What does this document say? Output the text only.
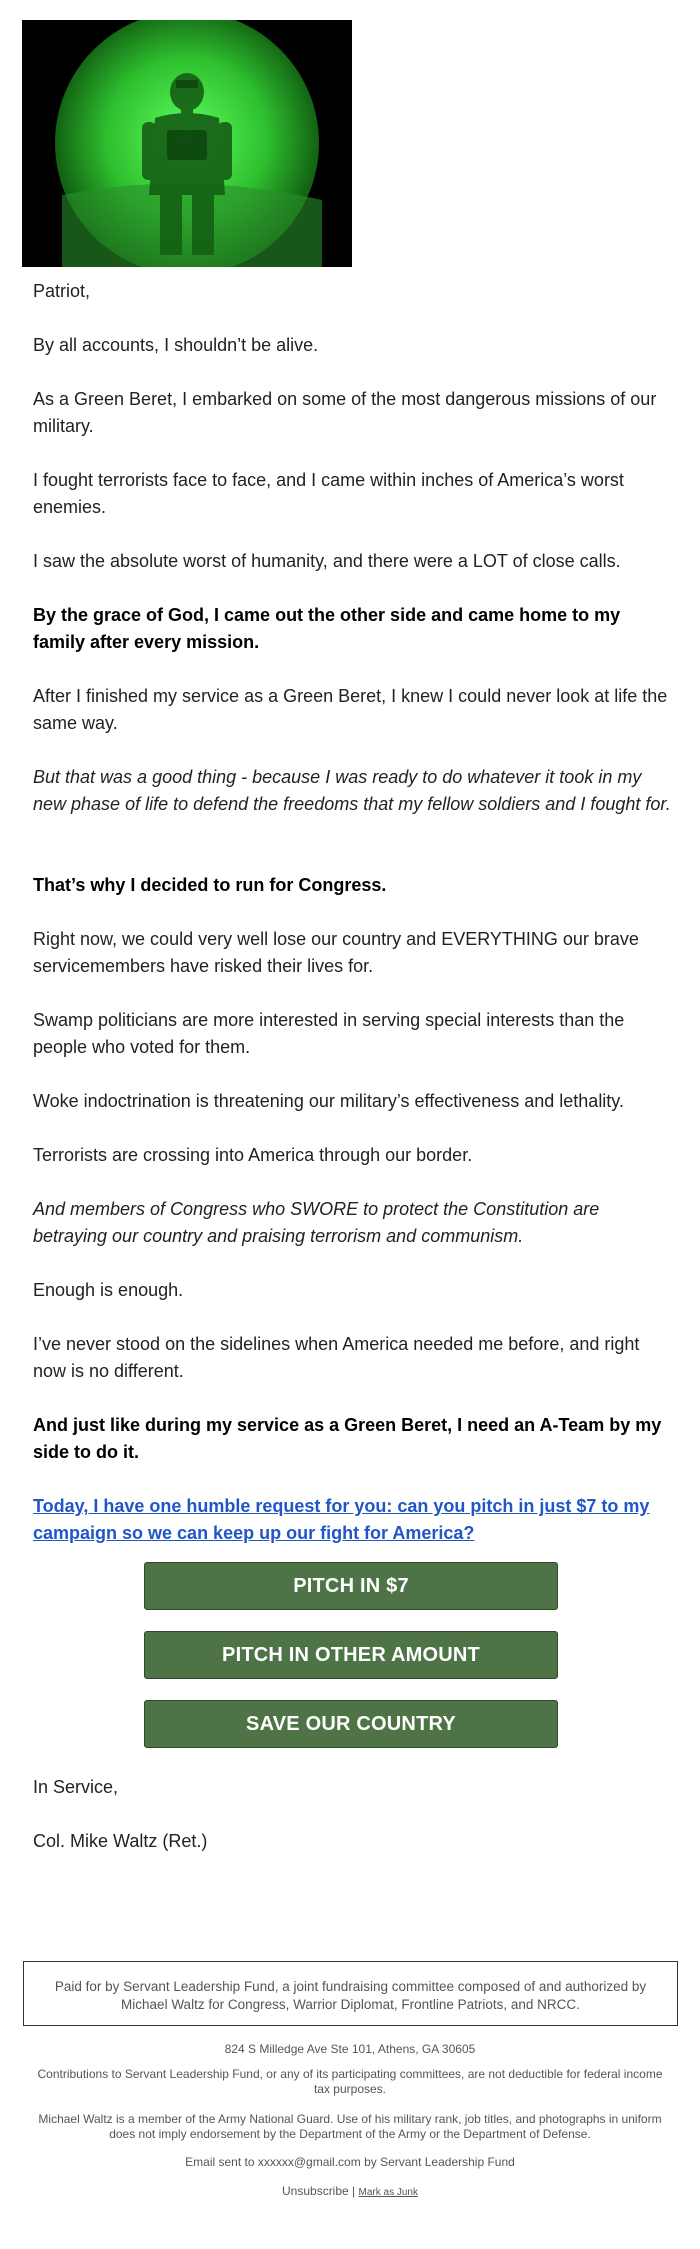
Patriot,

By all accounts, I shouldn’t be alive.

As a Green Beret, I embarked on some of the most dangerous missions of our military.

I fought terrorists face to face, and I came within inches of America’s worst enemies.

I saw the absolute worst of humanity, and there were a LOT of close calls.

By the grace of God, I came out the other side and came home to my family after every mission.

After I finished my service as a Green Beret, I knew I could never look at life the same way.

But that was a good thing - because I was ready to do whatever it took in my new phase of life to defend the freedoms that my fellow soldiers and I fought for.

That’s why I decided to run for Congress.

Right now, we could very well lose our country and EVERYTHING our brave servicemembers have risked their lives for.

Swamp politicians are more interested in serving special interests than the people who voted for them.

Woke indoctrination is threatening our military’s effectiveness and lethality.

Terrorists are crossing into America through our border.

And members of Congress who SWORE to protect the Constitution are betraying our country and praising terrorism and communism.

Enough is enough.

I’ve never stood on the sidelines when America needed me before, and right now is no different.

And just like during my service as a Green Beret, I need an A-Team by my side to do it.

Today, I have one humble request for you: can you pitch in just $7 to my campaign so we can keep up our fight for America?

PITCH IN $7
PITCH IN OTHER AMOUNT
SAVE OUR COUNTRY

In Service,

Col. Mike Waltz (Ret.)

Paid for by Servant Leadership Fund, a joint fundraising committee composed of and authorized by Michael Waltz for Congress, Warrior Diplomat, Frontline Patriots, and NRCC.

824 S Milledge Ave Ste 101, Athens, GA 30605

Contributions to Servant Leadership Fund, or any of its participating committees, are not deductible for federal income tax purposes.

Michael Waltz is a member of the Army National Guard. Use of his military rank, job titles, and photographs in uniform does not imply endorsement by the Department of the Army or the Department of Defense.

Email sent to xxxxxx@gmail.com by Servant Leadership Fund

Unsubscribe | Mark as Junk
